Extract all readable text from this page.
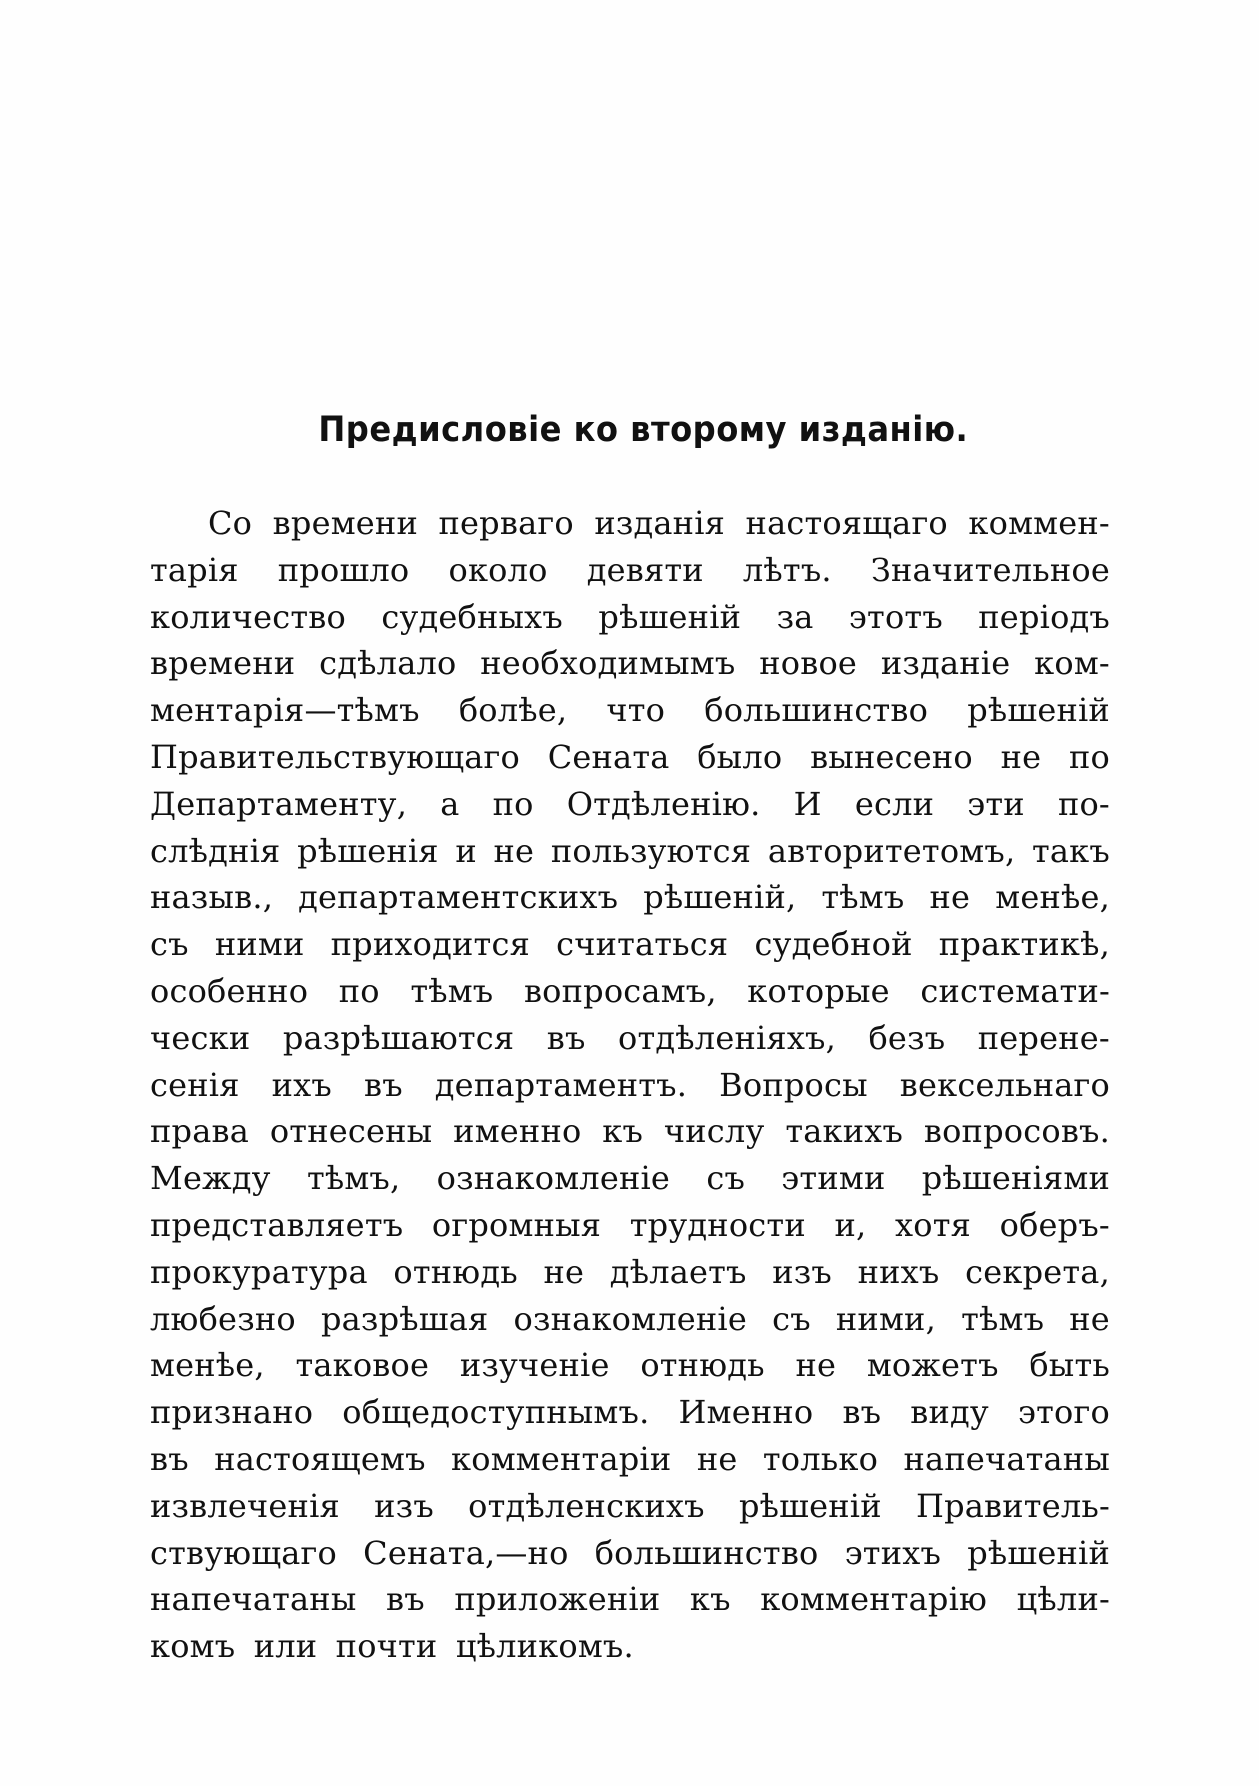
Предисловіе ко второму изданію.
Со времени перваго изданія настоящаго коммен-
тарія прошло около девяти лѣтъ. Значительное
количество судебныхъ рѣшеній за этотъ періодъ
времени сдѣлало необходимымъ новое изданіе ком-
ментарія—тѣмъ болѣе, что большинство рѣшеній
Правительствующаго Сената было вынесено не по
Департаменту, а по Отдѣленію. И если эти по-
слѣднія рѣшенія и не пользуются авторитетомъ, такъ
назыв., департаментскихъ рѣшеній, тѣмъ не менѣе,
съ ними приходится считаться судебной практикѣ,
особенно по тѣмъ вопросамъ, которые системати-
чески разрѣшаются въ отдѣленіяхъ, безъ перене-
сенія ихъ въ департаментъ. Вопросы вексельнаго
права отнесены именно къ числу такихъ вопросовъ.
Между тѣмъ, ознакомленіе съ этими рѣшеніями
представляетъ огромныя трудности и, хотя оберъ-
прокуратура отнюдь не дѣлаетъ изъ нихъ секрета,
любезно разрѣшая ознакомленіе съ ними, тѣмъ не
менѣе, таковое изученіе отнюдь не можетъ быть
признано общедоступнымъ. Именно въ виду этого
въ настоящемъ комментаріи не только напечатаны
извлеченія изъ отдѣленскихъ рѣшеній Правитель-
ствующаго Сената,—но большинство этихъ рѣшеній
напечатаны въ приложеніи къ комментарію цѣли-
комъ
или
почти
цѣликомъ.
